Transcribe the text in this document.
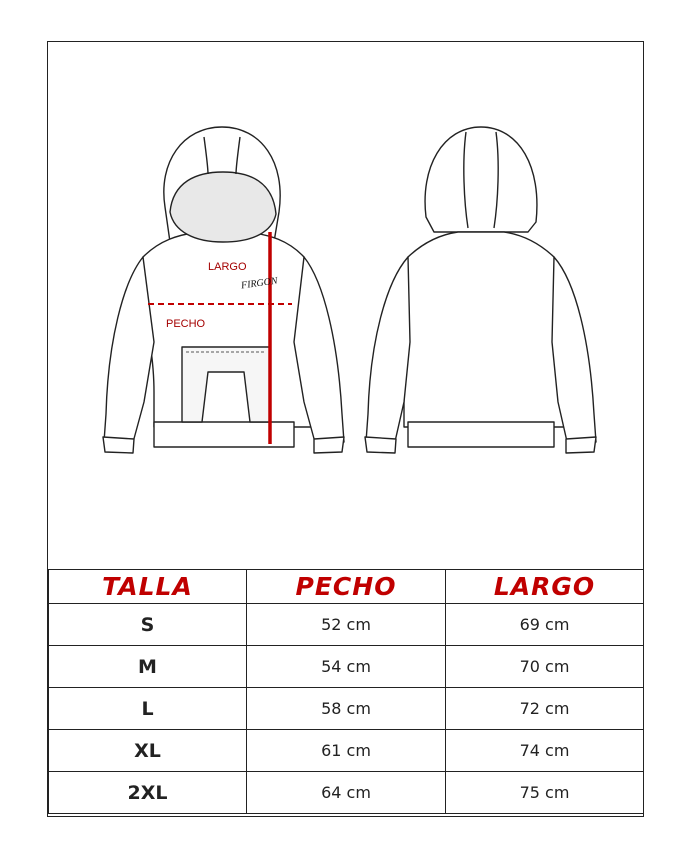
LARGO
PECHO
FIRGON
TALLA	PECHO	LARGO
S	52 cm	69 cm
M	54 cm	70 cm
L	58 cm	72 cm
XL	61 cm	74 cm
2XL	64 cm	75 cm
